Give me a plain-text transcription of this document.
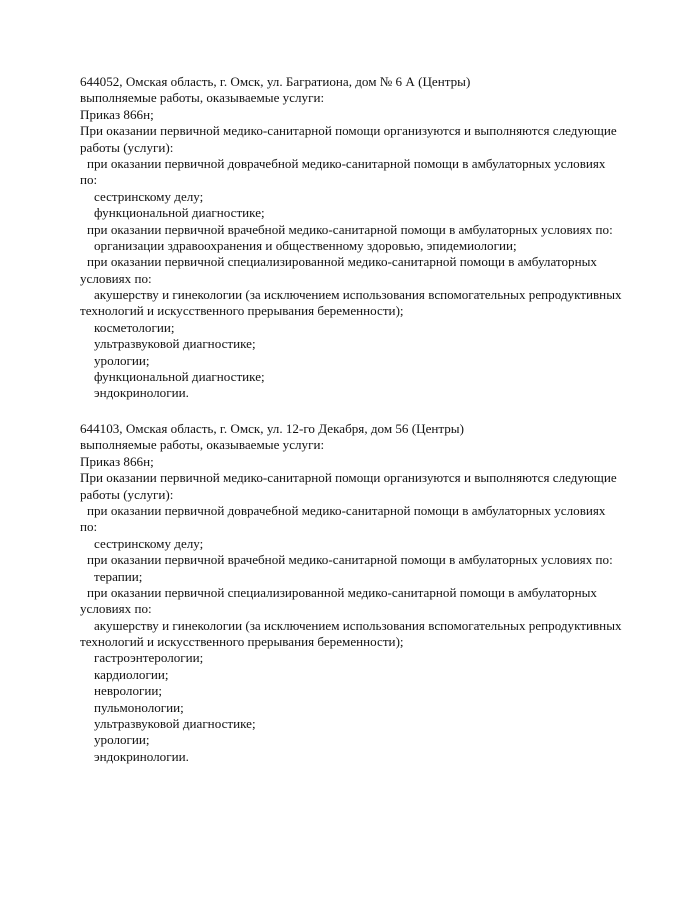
644052, Омская область, г. Омск, ул. Багратиона, дом № 6 А (Центры)
выполняемые работы, оказываемые услуги:
Приказ 866н;
При оказании первичной медико-санитарной помощи организуются и выполняются следующие
работы (услуги):
при оказании первичной доврачебной медико-санитарной помощи в амбулаторных условиях
по:
сестринскому делу;
функциональной диагностике;
при оказании первичной врачебной медико-санитарной помощи в амбулаторных условиях по:
организации здравоохранения и общественному здоровью, эпидемиологии;
при оказании первичной специализированной медико-санитарной помощи в амбулаторных
условиях по:
акушерству и гинекологии (за исключением использования вспомогательных репродуктивных
технологий и искусственного прерывания беременности);
косметологии;
ультразвуковой диагностике;
урологии;
функциональной диагностике;
эндокринологии.
644103, Омская область, г. Омск, ул. 12-го Декабря, дом 56 (Центры)
выполняемые работы, оказываемые услуги:
Приказ 866н;
При оказании первичной медико-санитарной помощи организуются и выполняются следующие
работы (услуги):
при оказании первичной доврачебной медико-санитарной помощи в амбулаторных условиях
по:
сестринскому делу;
при оказании первичной врачебной медико-санитарной помощи в амбулаторных условиях по:
терапии;
при оказании первичной специализированной медико-санитарной помощи в амбулаторных
условиях по:
акушерству и гинекологии (за исключением использования вспомогательных репродуктивных
технологий и искусственного прерывания беременности);
гастроэнтерологии;
кардиологии;
неврологии;
пульмонологии;
ультразвуковой диагностике;
урологии;
эндокринологии.
